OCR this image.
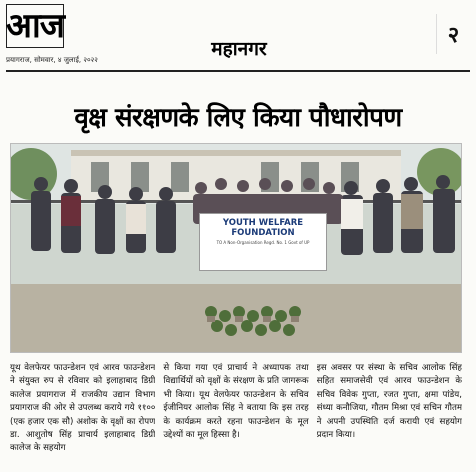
आज
प्रयागराज, सोमवार, ४ जुलाई, २०२२	महानगर
२
वृक्ष संरक्षणके लिए किया पौधारोपण
YOUTH WELFARE FOUNDATION
TO A Non-Organisation Regd. No. 1 Govt of UP

यूथ वेलफेयर फाउन्डेशन एवं आरव फाउन्डेशन ने संयुक्त रुप से रविवार को इलाहाबाद डिग्री कालेज प्रयागराज में राजकीय उद्यान विभाग प्रयागराज की ओर से उपलब्ध कराये गये ११०० (एक हजार एक सौ) अशोक के वृक्षों का रोपण डा. आशुतोष सिंह प्राचार्य इलाहाबाद डिग्री कालेज के सहयोग

से किया गया एवं प्राचार्य ने अध्यापक तथा विद्यार्थियों को वृक्षों के संरक्षण के प्रति जागरूक भी किया। यूथ वेलफेयर फाउन्डेशन के सचिव ईजीनियर आलोक सिंह ने बताया कि इस तरह के कार्यक्रम करते रहना फाउन्डेशन के मूल उद्देश्यों का मूल हिस्सा है।

इस अवसर पर संस्था के सचिव आलोक सिंह सहित समाजसेवी एवं आरव फाउन्डेशन के सचिव विवेक गुप्ता, रजत गुप्ता, क्षमा पांडेय, संध्या कनौजिया, गौतम मिश्रा एवं सचिन गौतम ने अपनी उपस्थिति दर्ज करायी एवं सहयोग प्रदान किया।
